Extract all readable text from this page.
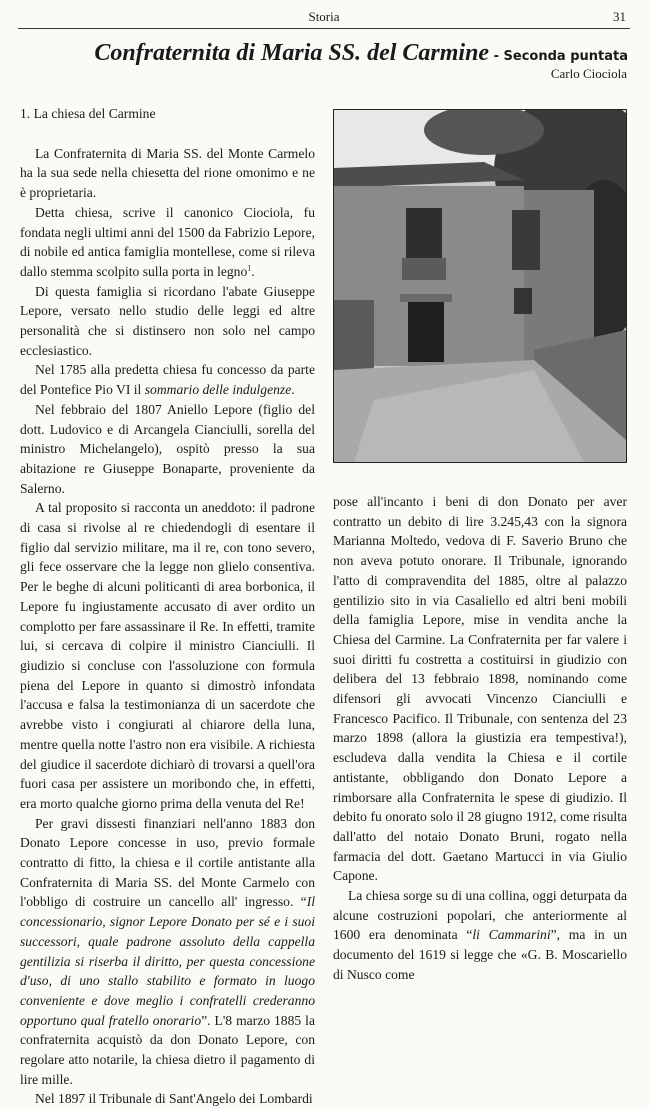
Storia	31
Confraternita di Maria SS. del Carmine - Seconda puntata
Carlo Ciociola
1. La chiesa del Carmine

La Confraternita di Maria SS. del Monte Carmelo ha la sua sede nella chiesetta del rione omonimo e ne è proprietaria.

Detta chiesa, scrive il canonico Ciociola, fu fondata negli ultimi anni del 1500 da Fabrizio Lepore, di nobile ed antica famiglia montellese, come si rileva dallo stemma scolpito sulla porta in legno$^1$.

Di questa famiglia si ricordano l'abate Giuseppe Lepore, versato nello studio delle leggi ed altre personalità che si distinsero non solo nel campo ecclesiastico.

Nel 1785 alla predetta chiesa fu concesso da parte del Pontefice Pio VI il sommario delle indulgenze.

Nel febbraio del 1807 Aniello Lepore (figlio del dott. Ludovico e di Arcangela Cianciulli, sorella del ministro Michelangelo), ospitò presso la sua abitazione re Giuseppe Bonaparte, proveniente da Salerno.

A tal proposito si racconta un aneddoto: il padrone di casa si rivolse al re chiedendogli di esentare il figlio dal servizio militare, ma il re, con tono severo, gli fece osservare che la legge non glielo consentiva. Per le beghe di alcuni politicanti di area borbonica, il Lepore fu ingiustamente accusato di aver ordito un complotto per fare assassinare il Re. In effetti, tramite lui, si cercava di colpire il ministro Cianciulli. Il giudizio si concluse con l'assoluzione con formula piena del Lepore in quanto si dimostrò infondata l'accusa e falsa la testimonianza di un sacerdote che avrebbe visto i congiurati al chiarore della luna, mentre quella notte l'astro non era visibile. A richiesta del giudice il sacerdote dichiarò di trovarsi a quell'ora fuori casa per assistere un moribondo che, in effetti, era morto qualche giorno prima della venuta del Re!

Per gravi dissesti finanziari nell'anno 1883 don Donato Lepore concesse in uso, previo formale contratto di fitto, la chiesa e il cortile antistante alla Confraternita di Maria SS. del Monte Carmelo con l'obbligo di costruire un cancello all' ingresso. “Il concessionario, signor Lepore Donato per sé e i suoi successori, quale padrone assoluto della cappella gentilizia si riserba il diritto, per questa concessione d'uso, di uno stallo stabilito e formato in luogo conveniente e dove meglio i confratelli crederanno opportuno qual fratello onorario”. L'8 marzo 1885 la confraternita acquistò da don Donato Lepore, con regolare atto notarile, la chiesa dietro il pagamento di lire mille.

Nel 1897 il Tribunale di Sant'Angelo dei Lombardi

pose all'incanto i beni di don Donato per aver contratto un debito di lire 3.245,43 con la signora Marianna Moltedo, vedova di F. Saverio Bruno che non aveva potuto onorare. Il Tribunale, ignorando l'atto di compravendita del 1885, oltre al palazzo gentilizio sito in via Casaliello ed altri beni mobili della famiglia Lepore, mise in vendita anche la Chiesa del Carmine. La Confraternita per far valere i suoi diritti fu costretta a costituirsi in giudizio con delibera del 13 febbraio 1898, nominando come difensori gli avvocati Vincenzo Cianciulli e Francesco Pacifico. Il Tribunale, con sentenza del 23 marzo 1898 (allora la giustizia era tempestiva!), escludeva dalla vendita la Chiesa e il cortile antistante, obbligando don Donato Lepore a rimborsare alla Confraternita le spese di giudizio. Il debito fu onorato solo il 28 giugno 1912, come risulta dall'atto del notaio Donato Bruni, rogato nella farmacia del dott. Gaetano Martucci in via Giulio Capone.

La chiesa sorge su di una collina, oggi deturpata da alcune costruzioni popolari, che anteriormente al 1600 era denominata “li Cammarini”, ma in un documento del 1619 si legge che «G. B. Moscariello di Nusco come
